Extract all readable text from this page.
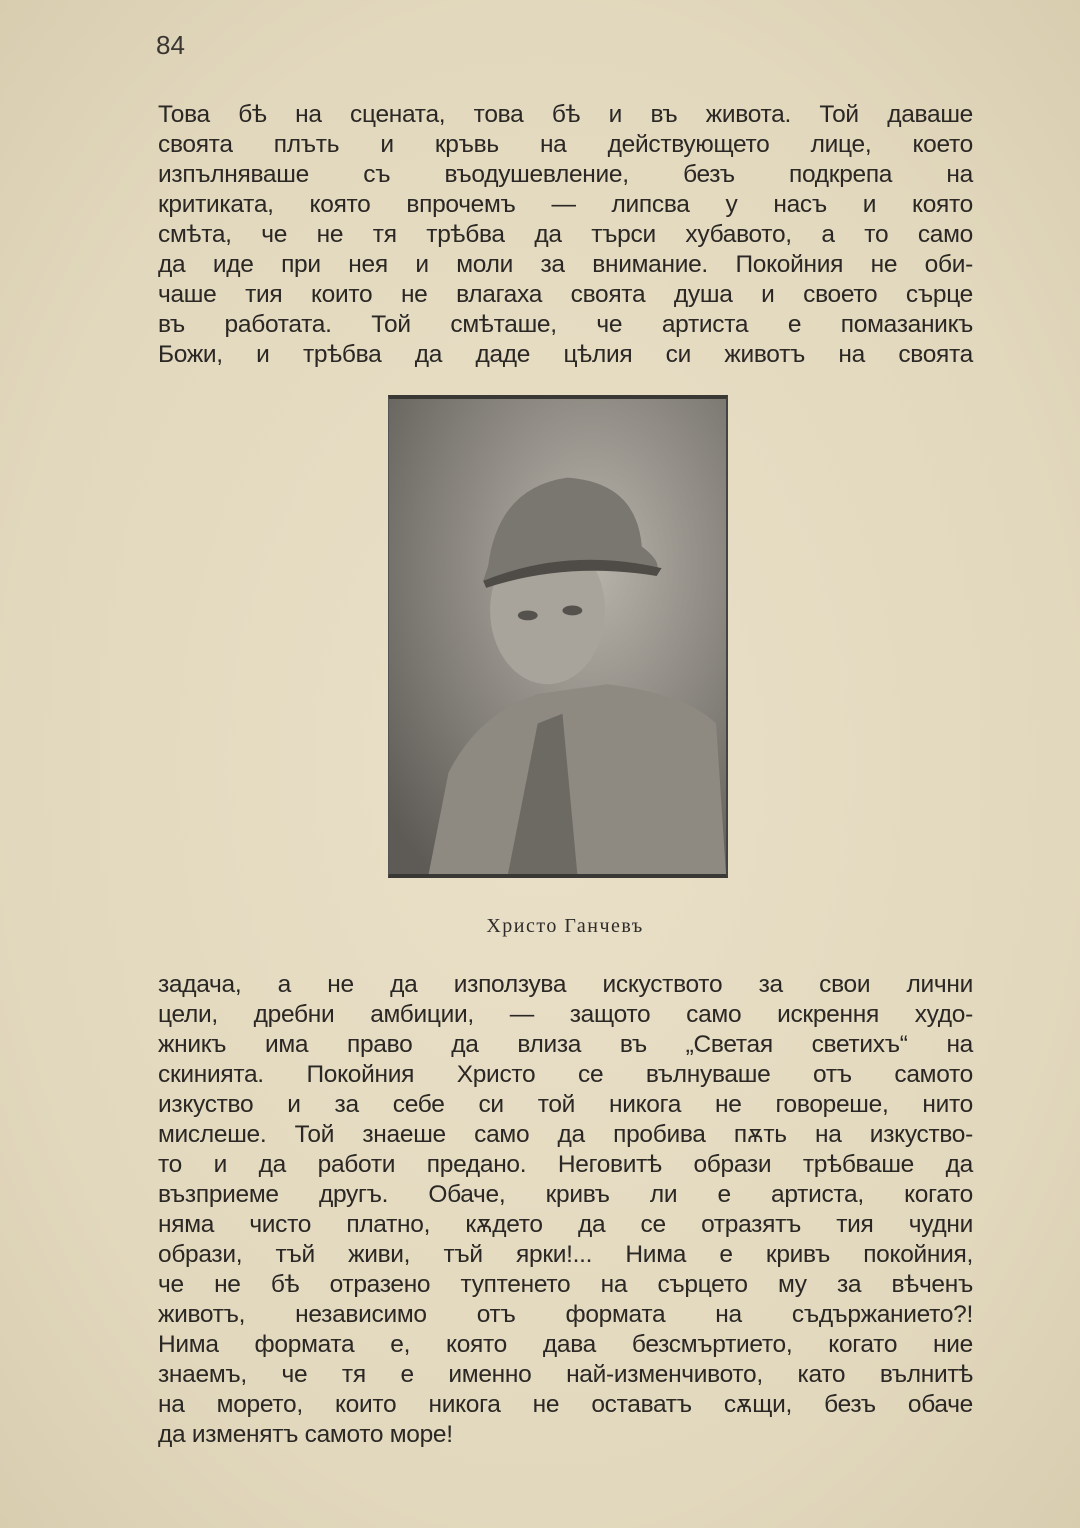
84
Това бѣ на сцената, това бѣ и въ живота. Той даваше
своята плъть и кръвь на действующето лице, което
изпълняваше съ въодушевление, безъ подкрепа на
критиката, която впрочемъ — липсва у насъ и която
смѣта, че не тя трѣбва да търси хубавото, а то само
да иде при нея и моли за внимание. Покойния не оби-
чаше тия които не влагаха своята душа и своето сърце
въ работата. Той смѣташе, че артиста е помазаникъ
Божи, и трѣбва да даде цѣлия си животъ на своята
Христо Ганчевъ
задача, а не да използува искуството за свои лични
цели, дребни амбиции, — защото само искрення худо-
жникъ има право да влиза въ „Светая светихъ“ на
скинията. Покойния Христо се вълнуваше отъ самото
изкуство и за себе си той никога не говореше, нито
мислеше. Той знаеше само да пробива пѫть на изкуство-
то и да работи предано. Неговитѣ образи трѣбваше да
възприеме другъ. Обаче, кривъ ли е артиста, когато
няма чисто платно, кѫдето да се отразятъ тия чудни
образи, тъй живи, тъй ярки!... Нима е кривъ покойния,
че не бѣ отразено туптенето на сърцето му за вѣченъ
животъ, независимо отъ формата на съдържанието?!
Нима формата е, която дава безсмъртието, когато ние
знаемъ, че тя е именно най-изменчивото, като вълнитѣ
на морето, които никога не оставатъ сѫщи, безъ обаче
да изменятъ самото море!
